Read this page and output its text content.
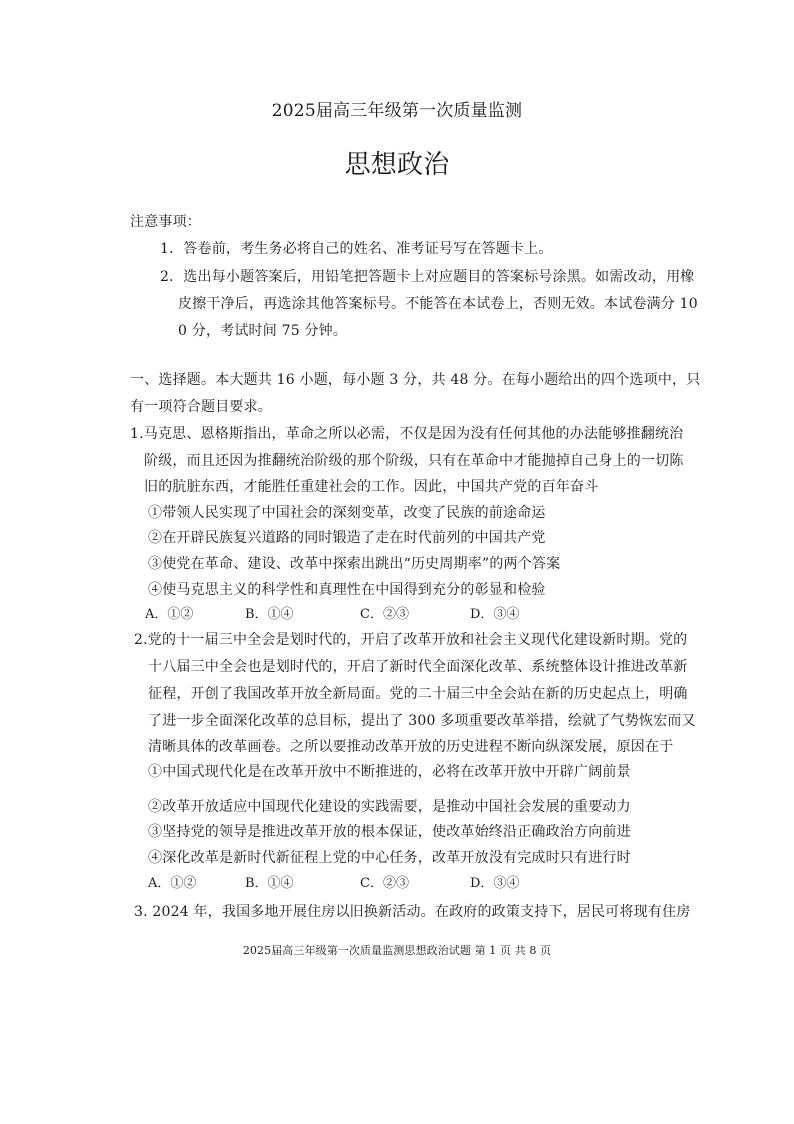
2025届高三年级第一次质量监测
思想政治
注意事项：
1．答卷前，考生务必将自己的姓名、准考证号写在答题卡上。
2．选出每小题答案后，用铅笔把答题卡上对应题目的答案标号涂黑。如需改动，用橡
皮擦干净后，再选涂其他答案标号。不能答在本试卷上，否则无效。本试卷满分 10
0 分，考试时间 75 分钟。
一、选择题。本大题共 16 小题，每小题 3 分，共 48 分。在每小题给出的四个选项中，只
有一项符合题目要求。
1.马克思、恩格斯指出，革命之所以必需，不仅是因为没有任何其他的办法能够推翻统治
阶级，而且还因为推翻统治阶级的那个阶级，只有在革命中才能抛掉自己身上的一切陈
旧的肮脏东西，才能胜任重建社会的工作。因此，中国共产党的百年奋斗
①带领人民实现了中国社会的深刻变革，改变了民族的前途命运
②在开辟民族复兴道路的同时锻造了走在时代前列的中国共产党
③使党在革命、建设、改革中探索出跳出“历史周期率”的两个答案
④使马克思主义的科学性和真理性在中国得到充分的彰显和检验
A．①②	B．①④	C．②③	D．③④
2.党的十一届三中全会是划时代的，开启了改革开放和社会主义现代化建设新时期。党的
十八届三中全会也是划时代的，开启了新时代全面深化改革、系统整体设计推进改革新
征程，开创了我国改革开放全新局面。党的二十届三中全会站在新的历史起点上，明确
了进一步全面深化改革的总目标，提出了 300 多项重要改革举措，绘就了气势恢宏而又
清晰具体的改革画卷。之所以要推动改革开放的历史进程不断向纵深发展，原因在于
①中国式现代化是在改革开放中不断推进的，必将在改革开放中开辟广阔前景
②改革开放适应中国现代化建设的实践需要，是推动中国社会发展的重要动力
③坚持党的领导是推进改革开放的根本保证，使改革始终沿正确政治方向前进
④深化改革是新时代新征程上党的中心任务，改革开放没有完成时只有进行时
A．①②	B．①④	C．②③	D．③④
3. 2024 年，我国多地开展住房以旧换新活动。在政府的政策支持下，居民可将现有住房
2025届高三年级第一次质量监测思想政治试题 第 1 页 共 8 页
